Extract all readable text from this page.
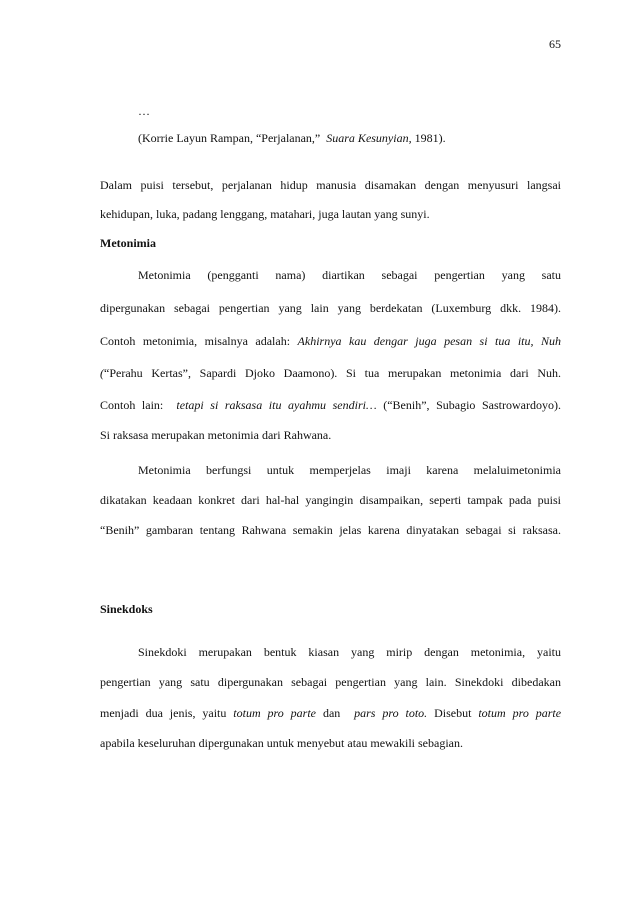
65
…
(Korrie Layun Rampan, “Perjalanan,” Suara Kesunyian, 1981).
Dalam puisi tersebut, perjalanan hidup manusia disamakan dengan menyusuri langsai
kehidupan, luka, padang lenggang, matahari, juga lautan yang sunyi.
Metonimia
Metonimia (pengganti nama) diartikan sebagai pengertian yang satu
dipergunakan sebagai pengertian yang lain yang berdekatan (Luxemburg dkk. 1984).
Contoh metonimia, misalnya adalah: Akhirnya kau dengar juga pesan si tua itu, Nuh
(“Perahu Kertas”, Sapardi Djoko Daamono). Si tua merupakan metonimia dari Nuh.
Contoh lain: tetapi si raksasa itu ayahmu sendiri… (“Benih”, Subagio Sastrowardoyo).
Si raksasa merupakan metonimia dari Rahwana.
Metonimia berfungsi untuk memperjelas imaji karena melaluimetonimia
dikatakan keadaan konkret dari hal-hal yangingin disampaikan, seperti tampak pada puisi
“Benih” gambaran tentang Rahwana semakin jelas karena dinyatakan sebagai si raksasa.
Sinekdoks
Sinekdoki merupakan bentuk kiasan yang mirip dengan metonimia, yaitu
pengertian yang satu dipergunakan sebagai pengertian yang lain. Sinekdoki dibedakan
menjadi dua jenis, yaitu totum pro parte dan pars pro toto. Disebut totum pro parte
apabila keseluruhan dipergunakan untuk menyebut atau mewakili sebagian.
